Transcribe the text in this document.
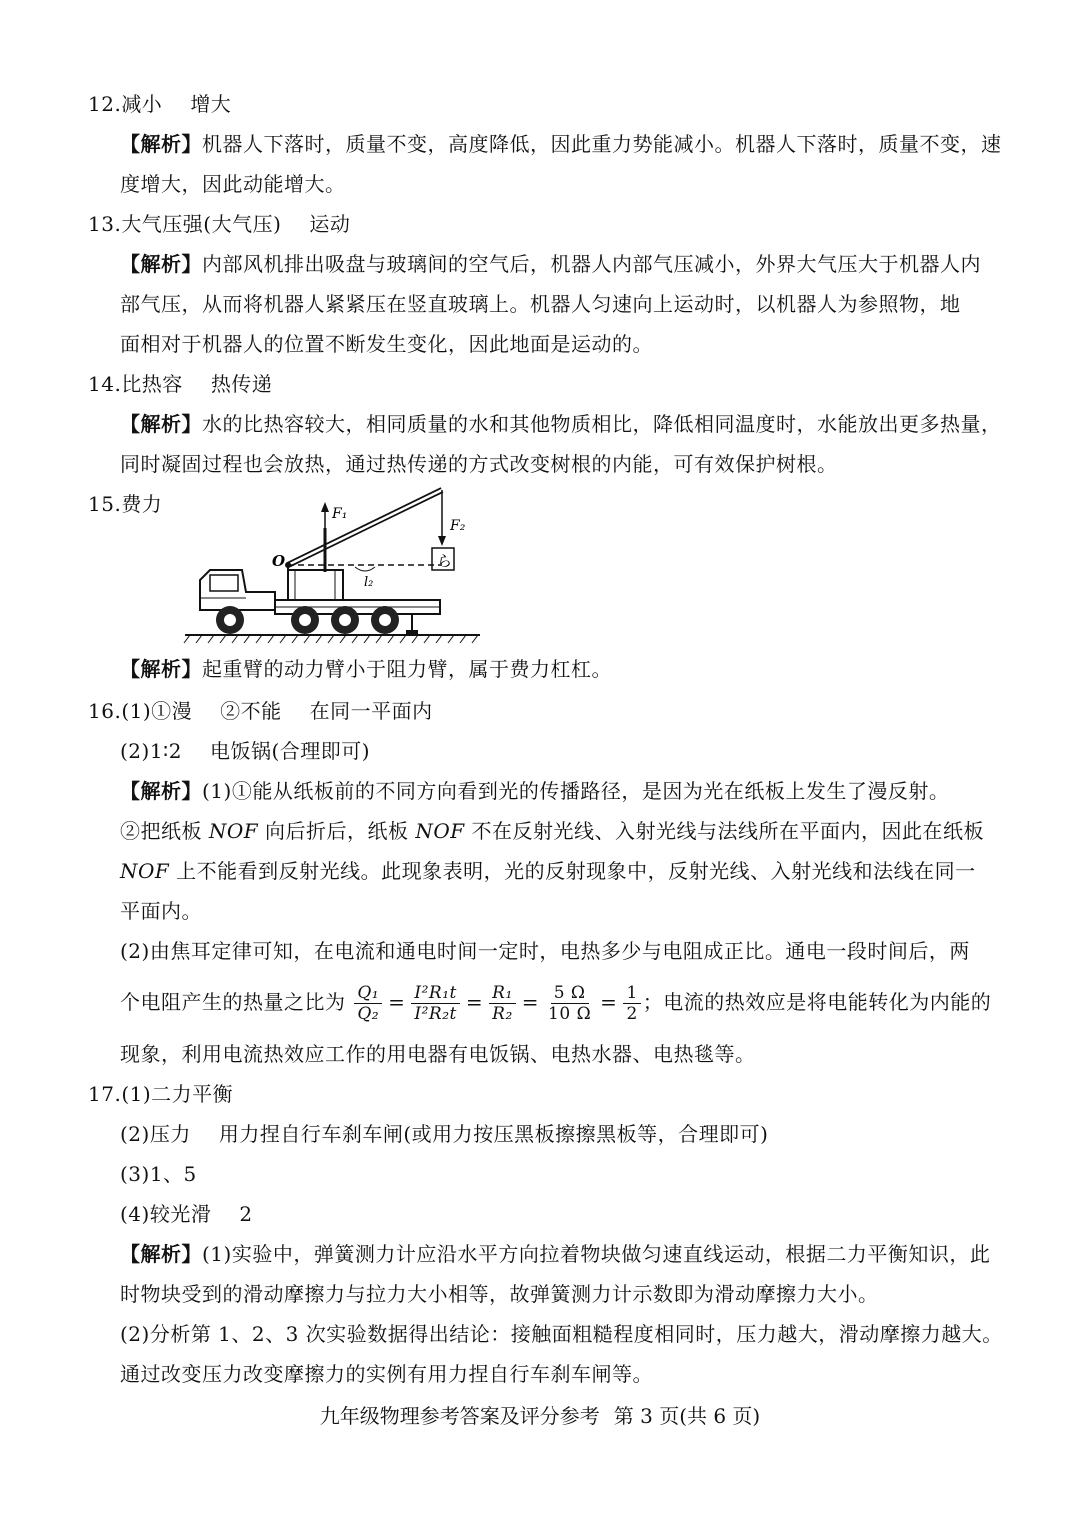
12.减小 增大
【解析】机器人下落时，质量不变，高度降低，因此重力势能减小。机器人下落时，质量不变，速
度增大，因此动能增大。
13.大气压强(大气压) 运动
【解析】内部风机排出吸盘与玻璃间的空气后，机器人内部气压减小，外界大气压大于机器人内
部气压，从而将机器人紧紧压在竖直玻璃上。机器人匀速向上运动时，以机器人为参照物，地
面相对于机器人的位置不断发生变化，因此地面是运动的。
14.比热容 热传递
【解析】水的比热容较大，相同质量的水和其他物质相比，降低相同温度时，水能放出更多热量，
同时凝固过程也会放热，通过热传递的方式改变树根的内能，可有效保护树根。
15.费力	F₁
F₂
ら
O
l₂
【解析】起重臂的动力臂小于阻力臂，属于费力杠杠。
16.(1)①漫 ②不能 在同一平面内
(2)1∶2 电饭锅(合理即可)
【解析】(1)①能从纸板前的不同方向看到光的传播路径，是因为光在纸板上发生了漫反射。
②把纸板 NOF 向后折后，纸板 NOF 不在反射光线、入射光线与法线所在平面内，因此在纸板
NOF 上不能看到反射光线。此现象表明，光的反射现象中，反射光线、入射光线和法线在同一
平面内。
(2)由焦耳定律可知，在电流和通电时间一定时，电热多少与电阻成正比。通电一段时间后，两
个电阻产生的热量之比为 $\frac{\text{Q₁}}{\text{Q₂}} = \frac{\text{I²R₁t}}{\text{I²R₂t}} = \frac{\text{R₁}}{\text{R₂}} = \frac{5 \Omega}{10 \Omega} = \frac{1}{2}$ ；电流的热效应是将电能转化为内能的
现象，利用电流热效应工作的用电器有电饭锅、电热水器、电热毯等。
17.(1)二力平衡
(2)压力 用力捏自行车刹车闸(或用力按压黑板擦擦黑板等，合理即可)
(3)1、5
(4)较光滑 2
【解析】(1)实验中，弹簧测力计应沿水平方向拉着物块做匀速直线运动，根据二力平衡知识，此
时物块受到的滑动摩擦力与拉力大小相等，故弹簧测力计示数即为滑动摩擦力大小。
(2)分析第 1、2、3 次实验数据得出结论：接触面粗糙程度相同时，压力越大，滑动摩擦力越大。
通过改变压力改变摩擦力的实例有用力捏自行车刹车闸等。
九年级物理参考答案及评分参考 第 3 页(共 6 页)
